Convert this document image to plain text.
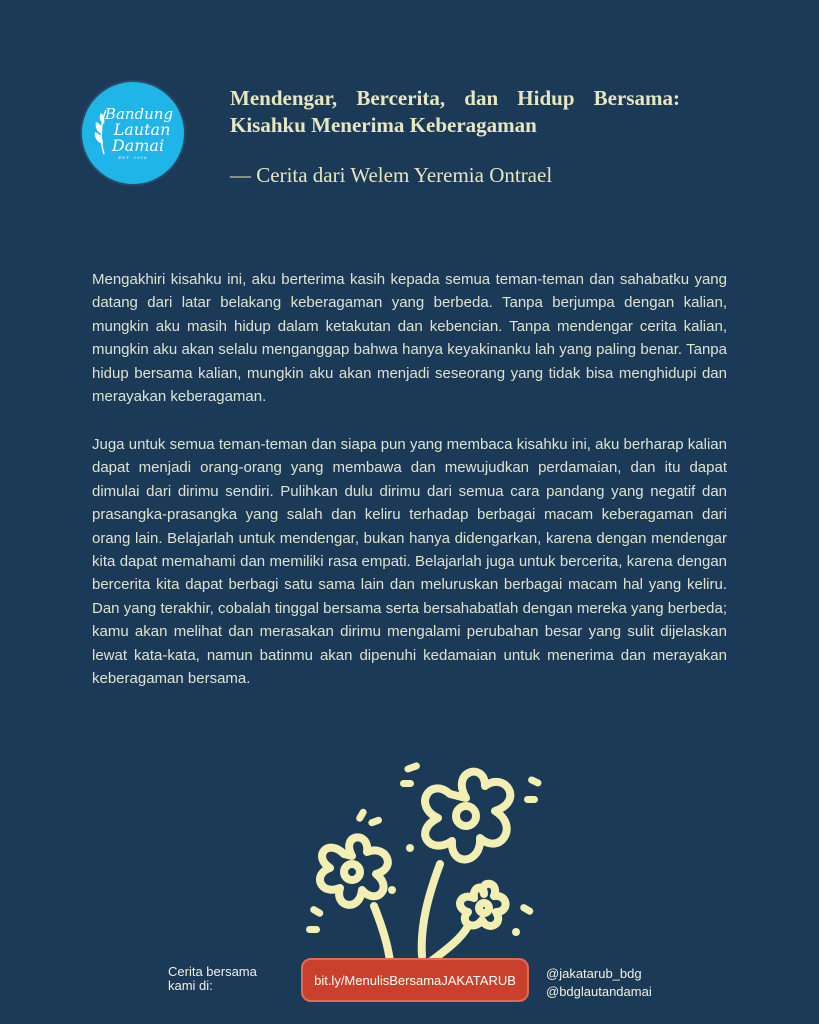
Bandung
Lautan
Damai
EST. 2016
Mendengar, Bercerita, dan Hidup Bersama:
Kisahku Menerima Keberagaman
— Cerita dari Welem Yeremia Ontrael

Mengakhiri kisahku ini, aku berterima kasih kepada semua teman-teman dan sahabatku yang datang dari latar belakang keberagaman yang berbeda. Tanpa berjumpa dengan kalian, mungkin aku masih hidup dalam ketakutan dan kebencian. Tanpa mendengar cerita kalian, mungkin aku akan selalu menganggap bahwa hanya keyakinanku lah yang paling benar. Tanpa hidup bersama kalian, mungkin aku akan menjadi seseorang yang tidak bisa menghidupi dan merayakan keberagaman.

Juga untuk semua teman-teman dan siapa pun yang membaca kisahku ini, aku berharap kalian dapat menjadi orang-orang yang membawa dan mewujudkan perdamaian, dan itu dapat dimulai dari dirimu sendiri. Pulihkan dulu dirimu dari semua cara pandang yang negatif dan prasangka-prasangka yang salah dan keliru terhadap berbagai macam keberagaman dari orang lain. Belajarlah untuk mendengar, bukan hanya didengarkan, karena dengan mendengar kita dapat memahami dan memiliki rasa empati. Belajarlah juga untuk bercerita, karena dengan bercerita kita dapat berbagi satu sama lain dan meluruskan berbagai macam hal yang keliru. Dan yang terakhir, cobalah tinggal bersama serta bersahabatlah dengan mereka yang berbeda; kamu akan melihat dan merasakan dirimu mengalami perubahan besar yang sulit dijelaskan lewat kata-kata, namun batinmu akan dipenuhi kedamaian untuk menerima dan merayakan keberagaman bersama.

Cerita bersama
kami di:	bit.ly/MenulisBersamaJAKATARUB	@jakatarub_bdg
@bdglautandamai
